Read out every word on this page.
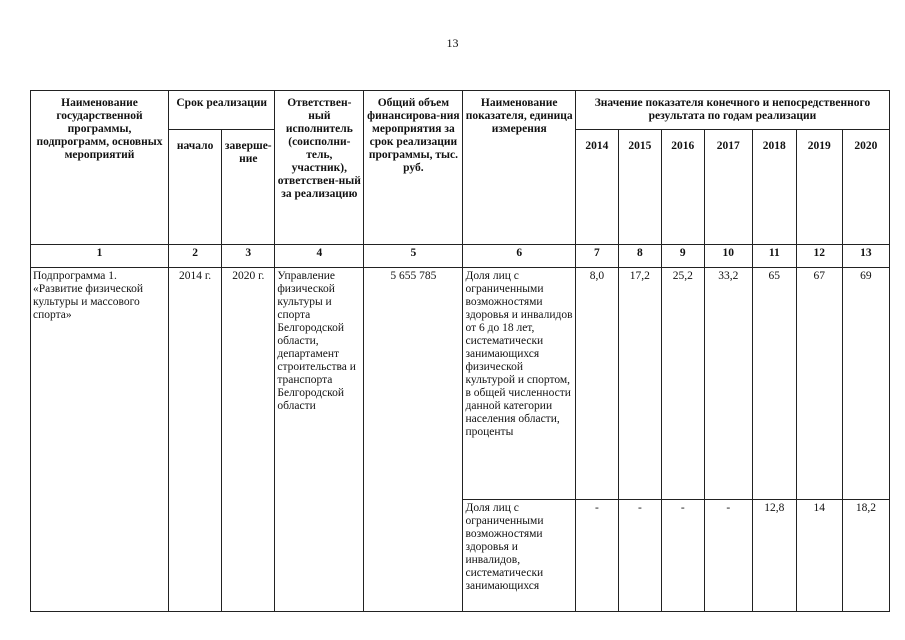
13
Наименование государственной программы, подпрограмм, основных мероприятий	Срок реализации		Ответствен-ный исполнитель (соисполни-тель, участник), ответствен-ный за реализацию	Общий объем финансирова-ния мероприятия за срок реализации программы, тыс. руб.	Наименование показателя, единица измерения	Значение показателя конечного и непосредственного результата по годам реализации						
	начало	заверше-ние				2014	2015	2016	2017	2018	2019	2020
1	2	3	4	5	6	7	8	9	10	11	12	13
Подпрограмма 1. «Развитие физической культуры и массового спорта»	2014 г.	2020 г.	Управление физической культуры и спорта Белгородской области, департамент строительства и транспорта Белгородской области	5 655 785	Доля лиц с ограниченными возможностями здоровья и инвалидов от 6 до 18 лет, систематически занимающихся физической культурой и спортом, в общей численности данной категории населения области, проценты	8,0	17,2	25,2	33,2	65	67	69
					Доля лиц с ограниченными возможностями здоровья и инвалидов, систематически занимающихся	-	-	-	-	12,8	14	18,2
